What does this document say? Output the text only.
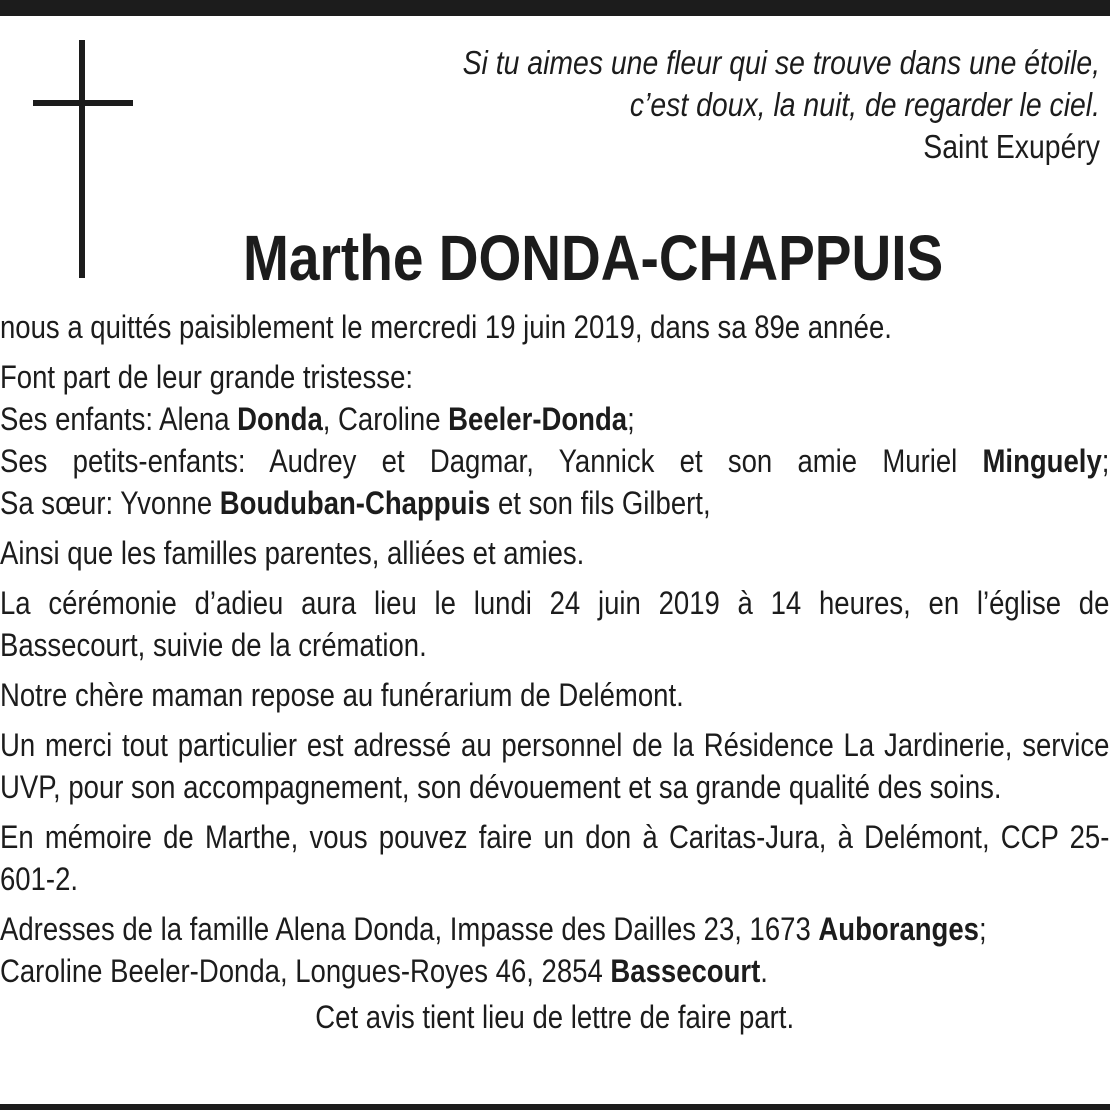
Si tu aimes une fleur qui se trouve dans une étoile,
c’est doux, la nuit, de regarder le ciel.
Saint Exupéry
Marthe DONDA-CHAPPUIS

nous a quittés paisiblement le mercredi 19 juin 2019, dans sa 89e année.

Font part de leur grande tristesse:

Ses enfants: Alena Donda, Caroline Beeler-Donda;

Ses petits-enfants: Audrey et Dagmar, Yannick et son amie Muriel Minguely;

Sa sœur: Yvonne Bouduban-Chappuis et son fils Gilbert,

Ainsi que les familles parentes, alliées et amies.

La cérémonie d’adieu aura lieu le lundi 24 juin 2019 à 14 heures, en l’église de Bassecourt, suivie de la crémation.

Notre chère maman repose au funérarium de Delémont.

Un merci tout particulier est adressé au personnel de la Résidence La Jardinerie, service UVP, pour son accompagnement, son dévouement et sa grande qualité des soins.

En mémoire de Marthe, vous pouvez faire un don à Caritas-Jura, à Delémont, CCP 25-601-2.

Adresses de la famille Alena Donda, Impasse des Dailles 23, 1673 Auboranges;

Caroline Beeler-Donda, Longues-Royes 46, 2854 Bassecourt.

Cet avis tient lieu de lettre de faire part.
